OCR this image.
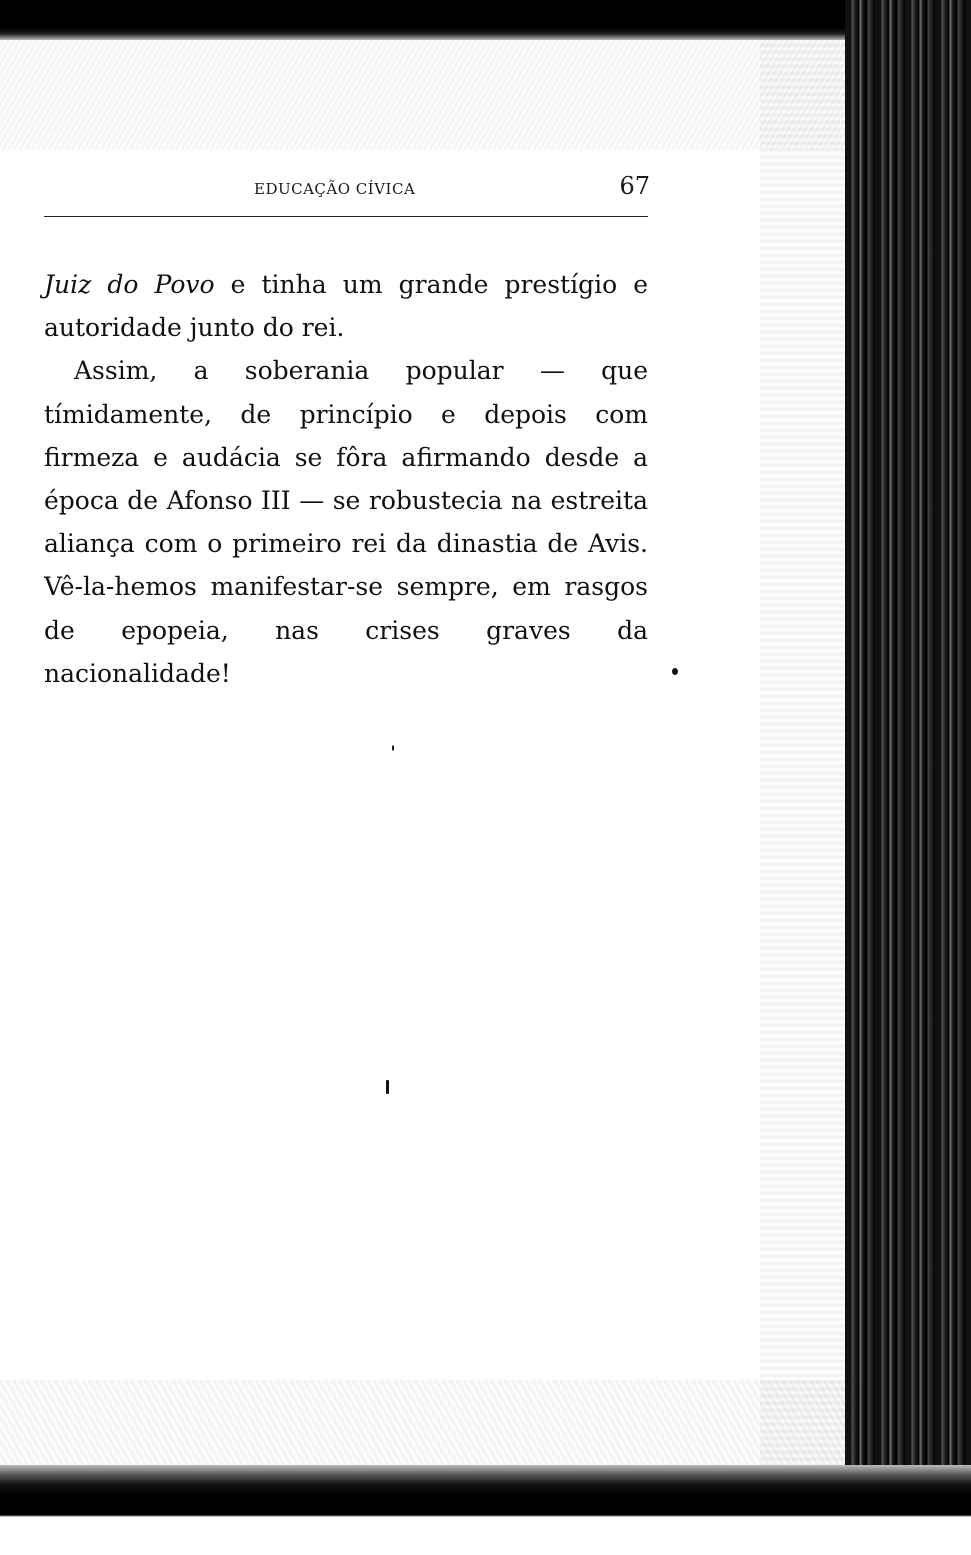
EDUCAÇÃO CÍVICA	67

Juiz do Povo e tinha um grande prestígio e autoridade junto do rei.

Assim, a soberania popular — que tímidamente, de princípio e depois com firmeza e audácia se fôra afirmando desde a época de Afonso III — se robustecia na estreita aliança com o primeiro rei da dinastia de Avis. Vê-la-hemos manifestar-se sempre, em rasgos de epopeia, nas crises graves da nacionalidade!
